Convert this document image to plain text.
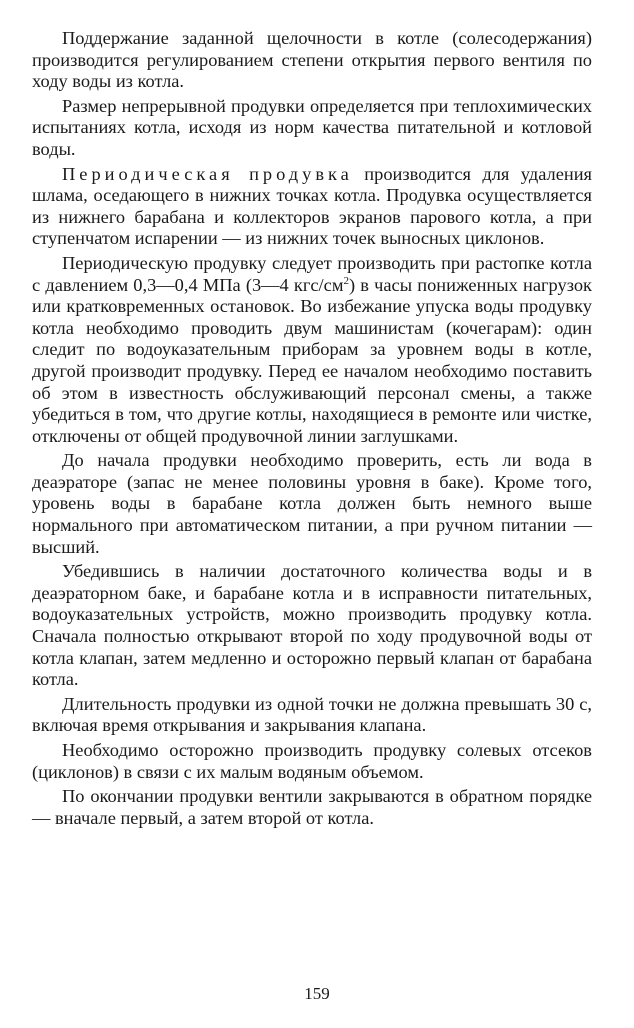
Поддержание заданной щелочности в котле (солесодержания) производится регулированием степени открытия первого вентиля по ходу воды из котла.

Размер непрерывной продувки определяется при теплохимических испытаниях котла, исходя из норм качества питательной и котловой воды.

Периодическая продувка производится для удаления шлама, оседающего в нижних точках котла. Продувка осуществляется из нижнего барабана и коллекторов экранов парового котла, а при ступенчатом испарении — из нижних точек выносных циклонов.

Периодическую продувку следует производить при растопке котла с давлением 0,3—0,4 МПа (3—4 кгс/$см^2$) в часы пониженных нагрузок или кратковременных остановок. Во избежание упуска воды продувку котла необходимо проводить двум машинистам (кочегарам): один следит по водоуказательным приборам за уровнем воды в котле, другой производит продувку. Перед ее началом необходимо поставить об этом в известность обслуживающий персонал смены, а также убедиться в том, что другие котлы, находящиеся в ремонте или чистке, отключены от общей продувочной линии заглушками.

До начала продувки необходимо проверить, есть ли вода в деаэраторе (запас не менее половины уровня в баке). Кроме того, уровень воды в барабане котла должен быть немного выше нормального при автоматическом питании, а при ручном питании — высший.

Убедившись в наличии достаточного количества воды и в деаэраторном баке, и барабане котла и в исправности питательных, водоуказательных устройств, можно производить продувку котла. Сначала полностью открывают второй по ходу продувочной воды от котла клапан, затем медленно и осторожно первый клапан от барабана котла.

Длительность продувки из одной точки не должна превышать 30 с, включая время открывания и закрывания клапана.

Необходимо осторожно производить продувку солевых отсеков (циклонов) в связи с их малым водяным объемом.

По окончании продувки вентили закрываются в обратном порядке — вначале первый, а затем второй от котла.

159
